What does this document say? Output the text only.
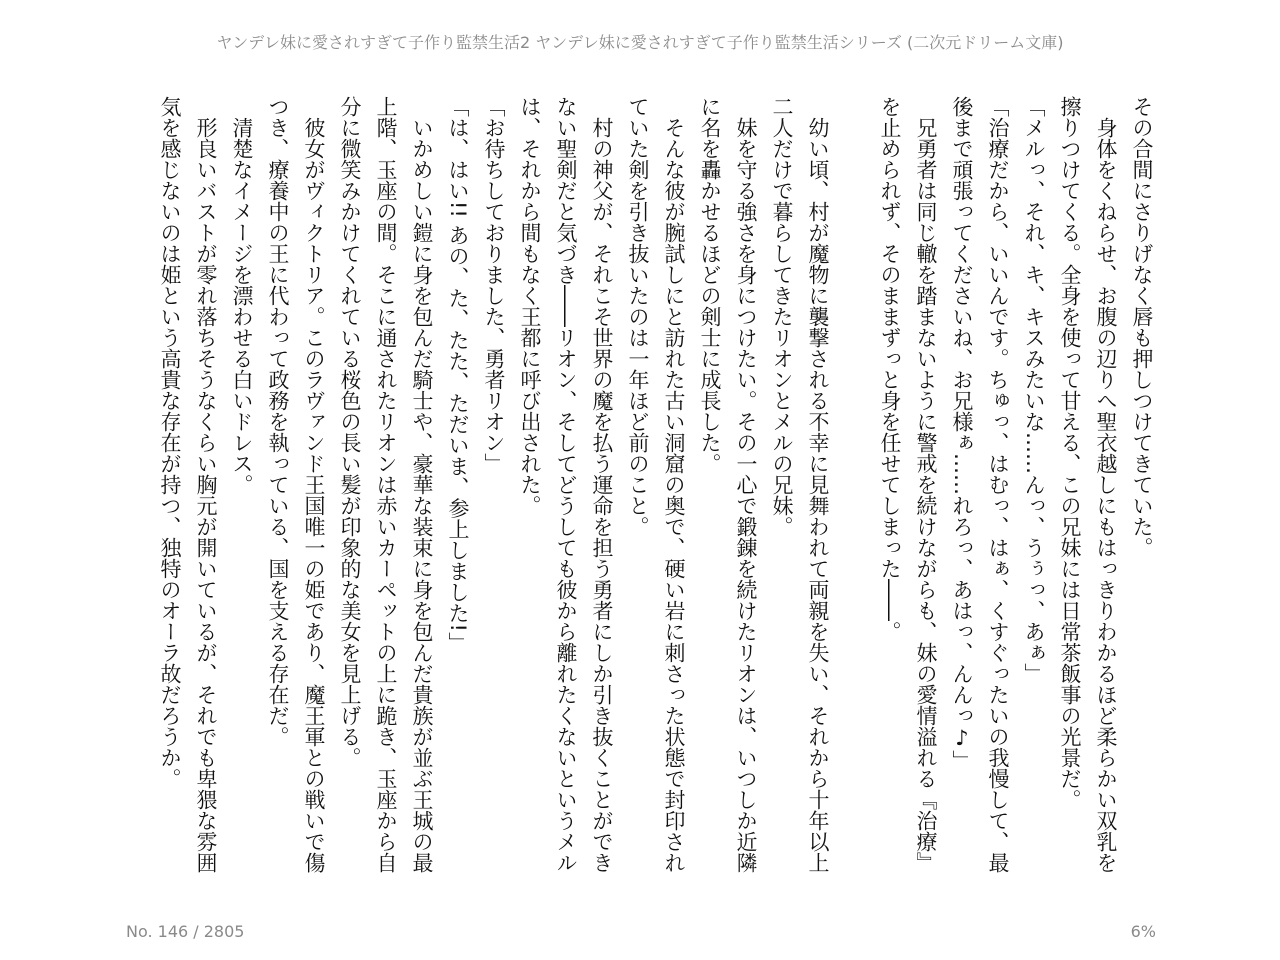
ヤンデレ妹に愛されすぎて子作り監禁生活2 ヤンデレ妹に愛されすぎて子作り監禁生活シリーズ (二次元ドリーム文庫)

その合間にさりげなく唇も押しつけてきていた。

身体をくねらせ、お腹の辺りへ聖衣越しにもはっきりわかるほど柔らかい双乳を擦りつけてくる。全身を使って甘える、この兄妹には日常茶飯事の光景だ。

「メルっ、それ、キ、キスみたいな……んっ、うぅっ、あぁ」

「治療だから、いいんです。ちゅっ、はむっ、はぁ、くすぐったいの我慢して、最後まで頑張ってくださいね、お兄様ぁ……れろっ、あはっ、んんっ♪」

兄勇者は同じ轍を踏まないように警戒を続けながらも、妹の愛情溢れる『治療』を止められず、そのままずっと身を任せてしまった――。

幼い頃、村が魔物に襲撃される不幸に見舞われて両親を失い、それから十年以上二人だけで暮らしてきたリオンとメルの兄妹。

妹を守る強さを身につけたい。その一心で鍛錬を続けたリオンは、いつしか近隣に名を轟かせるほどの剣士に成長した。

そんな彼が腕試しにと訪れた古い洞窟の奥で、硬い岩に刺さった状態で封印されていた剣を引き抜いたのは一年ほど前のこと。

村の神父が、それこそ世界の魔を払う運命を担う勇者にしか引き抜くことができない聖剣だと気づき――リオン、そしてどうしても彼から離れたくないというメルは、それから間もなく王都に呼び出された。

「お待ちしておりました、勇者リオン」

「は、はい!! あの、た、たた、ただいま、参上しました!」

いかめしい鎧に身を包んだ騎士や、豪華な装束に身を包んだ貴族が並ぶ王城の最上階、玉座の間。そこに通されたリオンは赤いカーペットの上に跪き、玉座から自分に微笑みかけてくれている桜色の長い髪が印象的な美女を見上げる。

彼女がヴィクトリア。このラヴァンド王国唯一の姫であり、魔王軍との戦いで傷つき、療養中の王に代わって政務を執っている、国を支える存在だ。

清楚なイメージを漂わせる白いドレス。

形良いバストが零れ落ちそうなくらい胸元が開いているが、それでも卑猥な雰囲気を感じないのは姫という高貴な存在が持つ、独特のオーラ故だろうか。

No. 146 / 2805	6%
